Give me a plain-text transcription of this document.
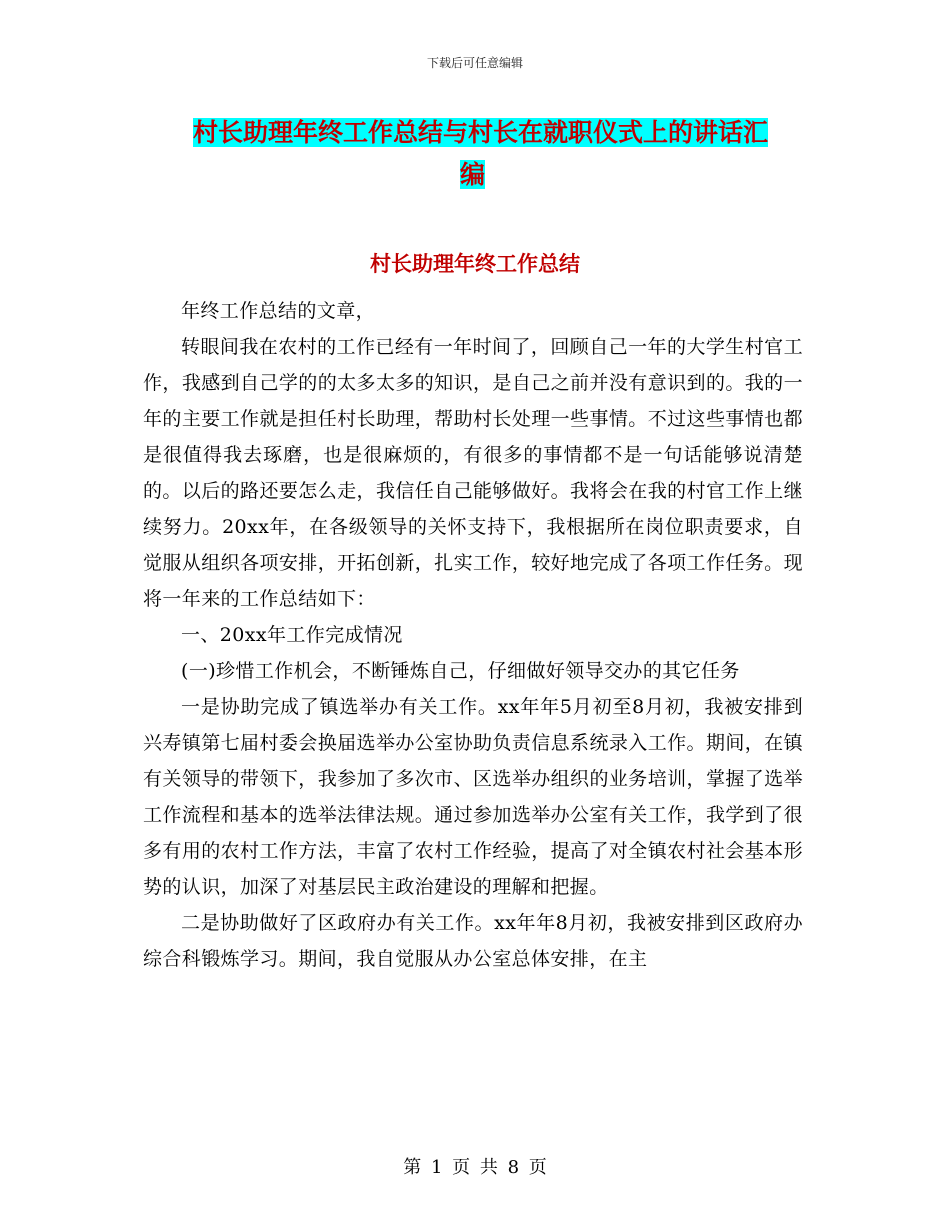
下载后可任意编辑
村长助理年终工作总结与村长在就职仪式上的讲话汇
编
村长助理年终工作总结

年终工作总结的文章，

转眼间我在农村的工作已经有一年时间了，回顾自己一年的大学生村官工作，我感到自己学的的太多太多的知识，是自己之前并没有意识到的。我的一年的主要工作就是担任村长助理，帮助村长处理一些事情。不过这些事情也都是很值得我去琢磨，也是很麻烦的，有很多的事情都不是一句话能够说清楚的。以后的路还要怎么走，我信任自己能够做好。我将会在我的村官工作上继续努力。20xx年，在各级领导的关怀支持下，我根据所在岗位职责要求，自觉服从组织各项安排，开拓创新，扎实工作，较好地完成了各项工作任务。现将一年来的工作总结如下：

一、20xx年工作完成情况

(一)珍惜工作机会，不断锤炼自己，仔细做好领导交办的其它任务

一是协助完成了镇选举办有关工作。xx年年5月初至8月初，我被安排到兴寿镇第七届村委会换届选举办公室协助负责信息系统录入工作。期间，在镇有关领导的带领下，我参加了多次市、区选举办组织的业务培训，掌握了选举工作流程和基本的选举法律法规。通过参加选举办公室有关工作，我学到了很多有用的农村工作方法，丰富了农村工作经验，提高了对全镇农村社会基本形势的认识，加深了对基层民主政治建设的理解和把握。

二是协助做好了区政府办有关工作。xx年年8月初，我被安排到区政府办综合科锻炼学习。期间，我自觉服从办公室总体安排，在主

第 1 页 共 8 页
